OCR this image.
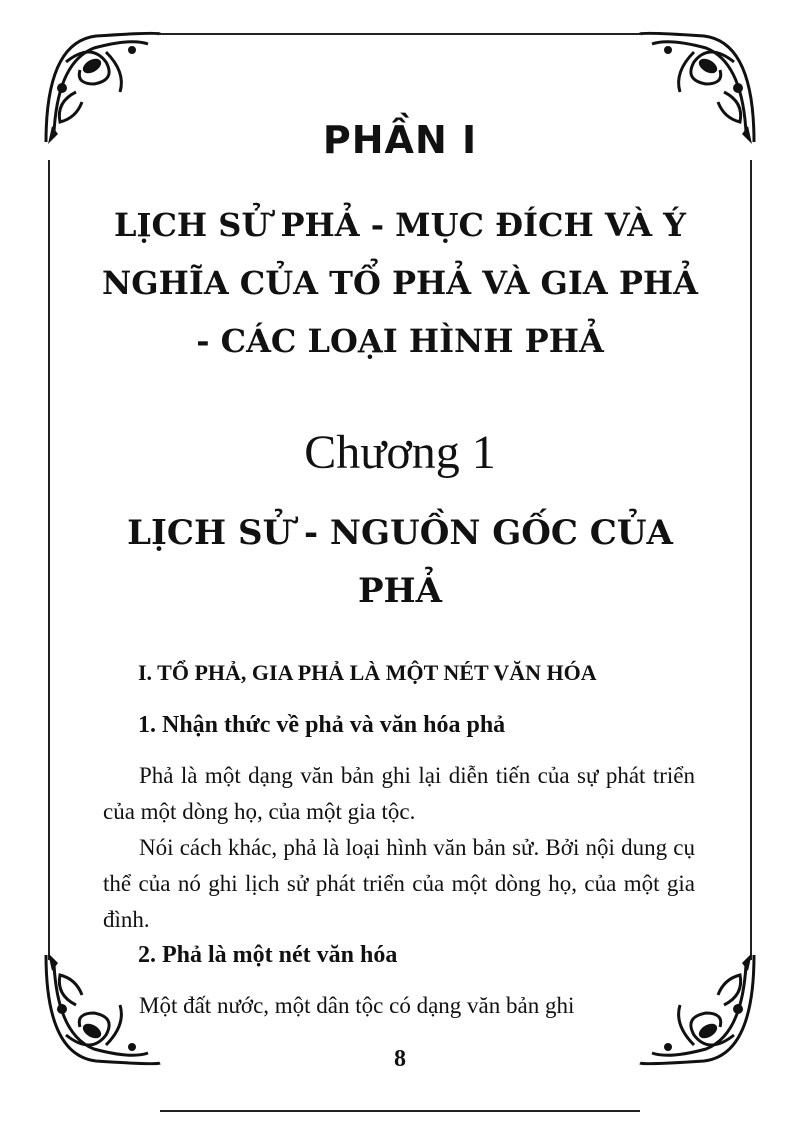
PHẦN I
LỊCH SỬ PHẢ - MỤC ĐÍCH VÀ Ý NGHĨA CỦA TỔ PHẢ VÀ GIA PHẢ - CÁC LOẠI HÌNH PHẢ
Chương 1
LỊCH SỬ - NGUỒN GỐC CỦA PHẢ
I. TỔ PHẢ, GIA PHẢ LÀ MỘT NÉT VĂN HÓA
1. Nhận thức về phả và văn hóa phả

Phả là một dạng văn bản ghi lại diễn tiến của sự phát triển của một dòng họ, của một gia tộc.

Nói cách khác, phả là loại hình văn bản sử. Bởi nội dung cụ thể của nó ghi lịch sử phát triển của một dòng họ, của một gia đình.

2. Phả là một nét văn hóa

Một đất nước, một dân tộc có dạng văn bản ghi

8
